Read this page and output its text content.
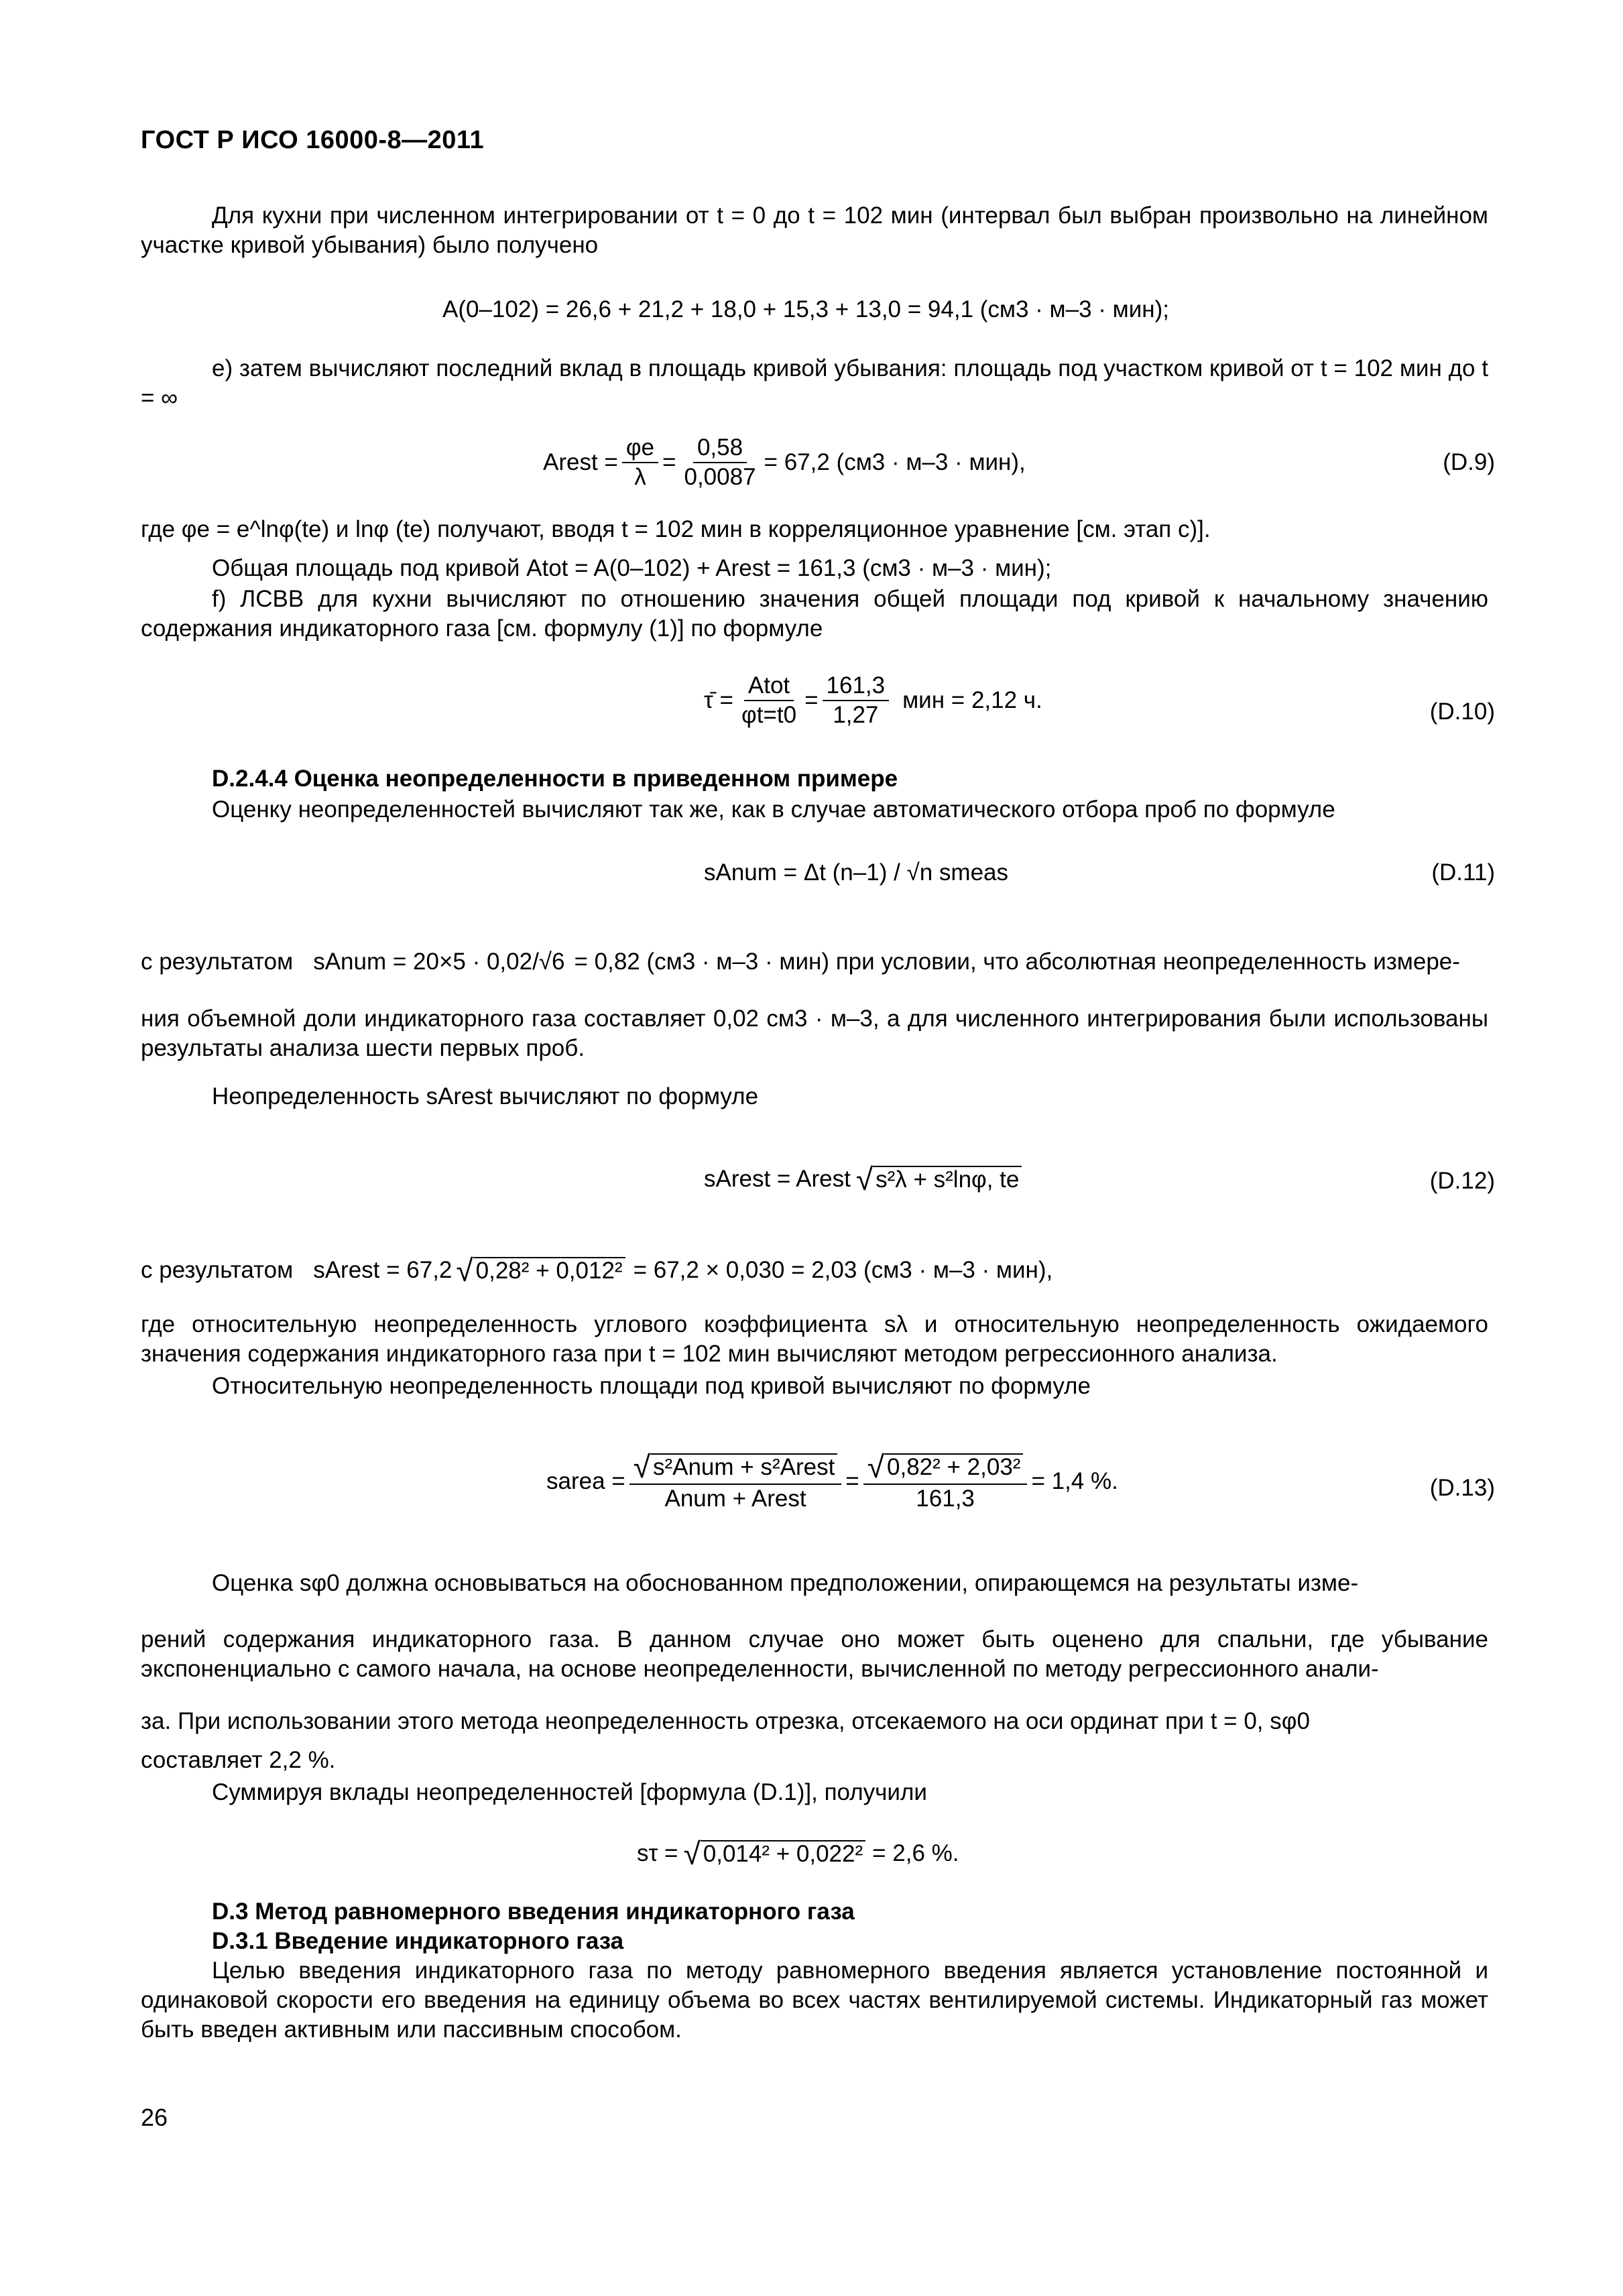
ГОСТ Р ИСО 16000-8—2011
Для кухни при численном интегрировании от t = 0 до t = 102 мин (интервал был выбран произвольно на линейном участке кривой убывания) было получено
A(0–102) = 26,6 + 21,2 + 18,0 + 15,3 + 13,0 = 94,1 (см3 · м–3 · мин);
e) затем вычисляют последний вклад в площадь кривой убывания: площадь под участком кривой от t = 102 мин до t = ∞
Arest = $\frac{\varphi e}{\lambda} = \frac{0,58}{0,0087} = 67,2$ (см3 · м–3 · мин),	(D.9)
где φe = e^lnφ(te) и lnφ (te) получают, вводя t = 102 мин в корреляционное уравнение [см. этап c)].
Общая площадь под кривой Atot = A(0–102) + Arest = 161,3 (см3 · м–3 · мин);
f) ЛСВВ для кухни вычисляют по отношению значения общей площади под кривой к начальному значению содержания индикаторного газа [см. формулу (1)] по формуле
τ̄ = $\frac{\text{Atot}}{\varphi t=t0} = \frac{161,3}{1,27}$ мин = 2,12 ч.	(D.10)
D.2.4.4 Оценка неопределенности в приведенном примере
Оценку неопределенностей вычисляют так же, как в случае автоматического отбора проб по формуле
sAnum = Δt (n–1) / √n smeas	(D.11)
с результатом sAnum = 20×5 · 0,02/√6 = 0,82 (см3 · м–3 · мин) при условии, что абсолютная неопределенность измере-
ния объемной доли индикаторного газа составляет 0,02 см3 · м–3, а для численного интегрирования были использованы результаты анализа шести первых проб.
Неопределенность sArest вычисляют по формуле
sArest = Arest √ s²λ + s²lnφ, te	(D.12)
с результатом sArest = 67,2 √ 0,28² + 0,012² = 67,2 × 0,030 = 2,03 (см3 · м–3 · мин),
где относительную неопределенность углового коэффициента sλ и относительную неопределенность ожидаемого значения содержания индикаторного газа при t = 102 мин вычисляют методом регрессионного анализа.
Относительную неопределенность площади под кривой вычисляют по формуле
sarea = $\frac{\text{√ s²Anum + s²Arest}}{\text{Anum + Arest}} = \frac{\text{√ 0,82² + 2,03²}}{161,3} = 1,4$ %.	(D.13)
Оценка sφ0 должна основываться на обоснованном предположении, опирающемся на результаты изме-
рений содержания индикаторного газа. В данном случае оно может быть оценено для спальни, где убывание экспоненциально с самого начала, на основе неопределенности, вычисленной по методу регрессионного анали-
за. При использовании этого метода неопределенность отрезка, отсекаемого на оси ординат при t = 0, sφ0
составляет 2,2 %.
Суммируя вклады неопределенностей [формула (D.1)], получили
sτ = √ 0,014² + 0,022² = 2,6 %.
D.3 Метод равномерного введения индикаторного газа
D.3.1 Введение индикаторного газа
Целью введения индикаторного газа по методу равномерного введения является установление постоянной и одинаковой скорости его введения на единицу объема во всех частях вентилируемой системы. Индикаторный газ может быть введен активным или пассивным способом.
26
